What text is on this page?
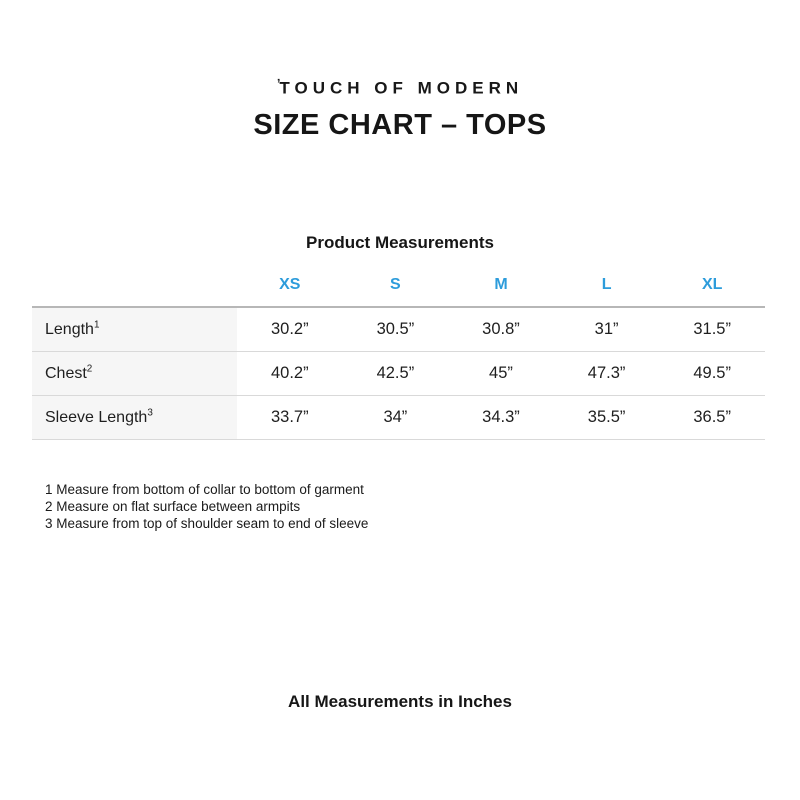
ʼTOUCH OF MODERN
SIZE CHART – TOPS
Product Measurements
	XS	S	M	L	XL
Length$^1$	30.2”	30.5”	30.8”	31”	31.5”
Chest$^2$	40.2”	42.5”	45”	47.3”	49.5”
Sleeve Length$^3$	33.7”	34”	34.3”	35.5”	36.5”
1 Measure from bottom of collar to bottom of garment
2 Measure on flat surface between armpits
3 Measure from top of shoulder seam to end of sleeve
All Measurements in Inches
